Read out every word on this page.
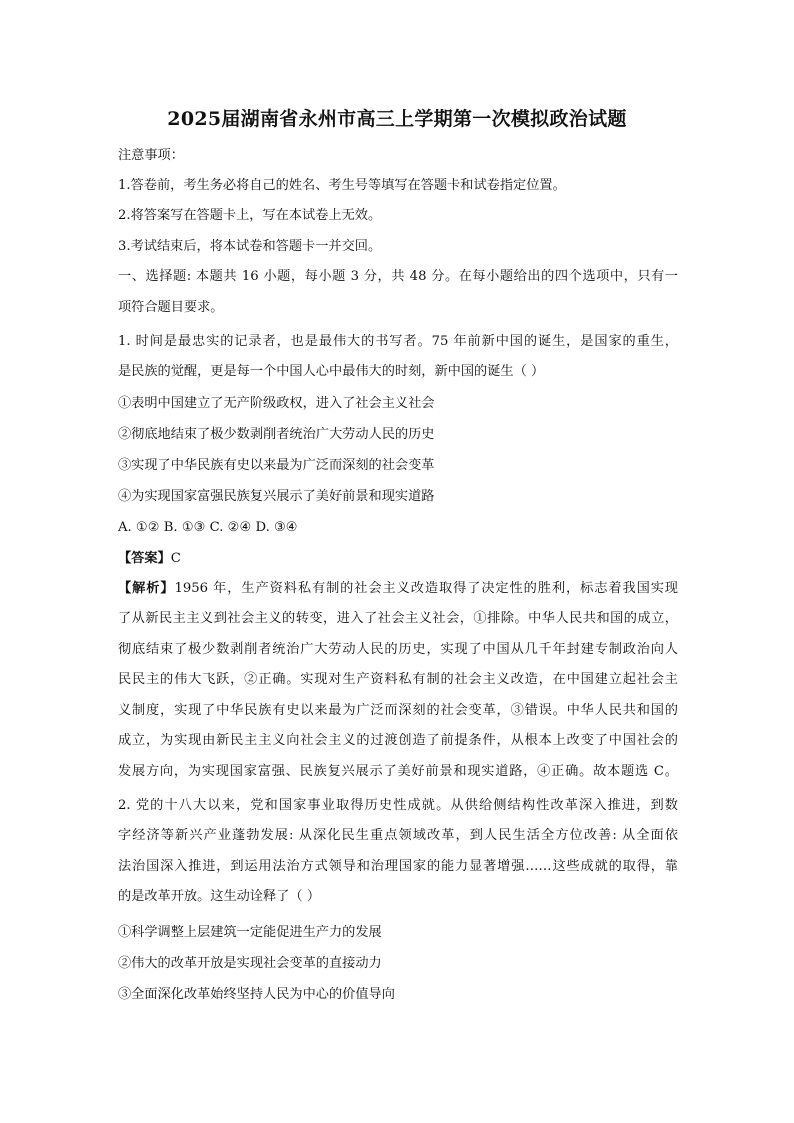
2025届湖南省永州市高三上学期第一次模拟政治试题
注意事项：
1.答卷前，考生务必将自己的姓名、考生号等填写在答题卡和试卷指定位置。
2.将答案写在答题卡上，写在本试卷上无效。
3.考试结束后，将本试卷和答题卡一并交回。
一、选择题: 本题共 16 小题，每小题 3 分，共 48 分。在每小题给出的四个选项中，只有一
项符合题目要求。
1. 时间是最忠实的记录者，也是最伟大的书写者。75 年前新中国的诞生，是国家的重生，
是民族的觉醒，更是每一个中国人心中最伟大的时刻，新中国的诞生（ ）
①表明中国建立了无产阶级政权，进入了社会主义社会
②彻底地结束了极少数剥削者统治广大劳动人民的历史
③实现了中华民族有史以来最为广泛而深刻的社会变革
④为实现国家富强民族复兴展示了美好前景和现实道路
A. ①② B. ①③ C. ②④ D. ③④
【答案】C
【解析】1956 年，生产资料私有制的社会主义改造取得了决定性的胜利，标志着我国实现
了从新民主主义到社会主义的转变，进入了社会主义社会，①排除。中华人民共和国的成立，
彻底结束了极少数剥削者统治广大劳动人民的历史，实现了中国从几千年封建专制政治向人
民民主的伟大飞跃，②正确。实现对生产资料私有制的社会主义改造，在中国建立起社会主
义制度，实现了中华民族有史以来最为广泛而深刻的社会变革，③错误。中华人民共和国的
成立，为实现由新民主主义向社会主义的过渡创造了前提条件，从根本上改变了中国社会的
发展方向，为实现国家富强、民族复兴展示了美好前景和现实道路，④正确。故本题选 C。
2. 党的十八大以来，党和国家事业取得历史性成就。从供给侧结构性改革深入推进，到数
字经济等新兴产业蓬勃发展: 从深化民生重点领域改革，到人民生活全方位改善: 从全面依
法治国深入推进，到运用法治方式领导和治理国家的能力显著增强……这些成就的取得，靠
的是改革开放。这生动诠释了（ ）
①科学调整上层建筑一定能促进生产力的发展
②伟大的改革开放是实现社会变革的直接动力
③全面深化改革始终坚持人民为中心的价值导向
